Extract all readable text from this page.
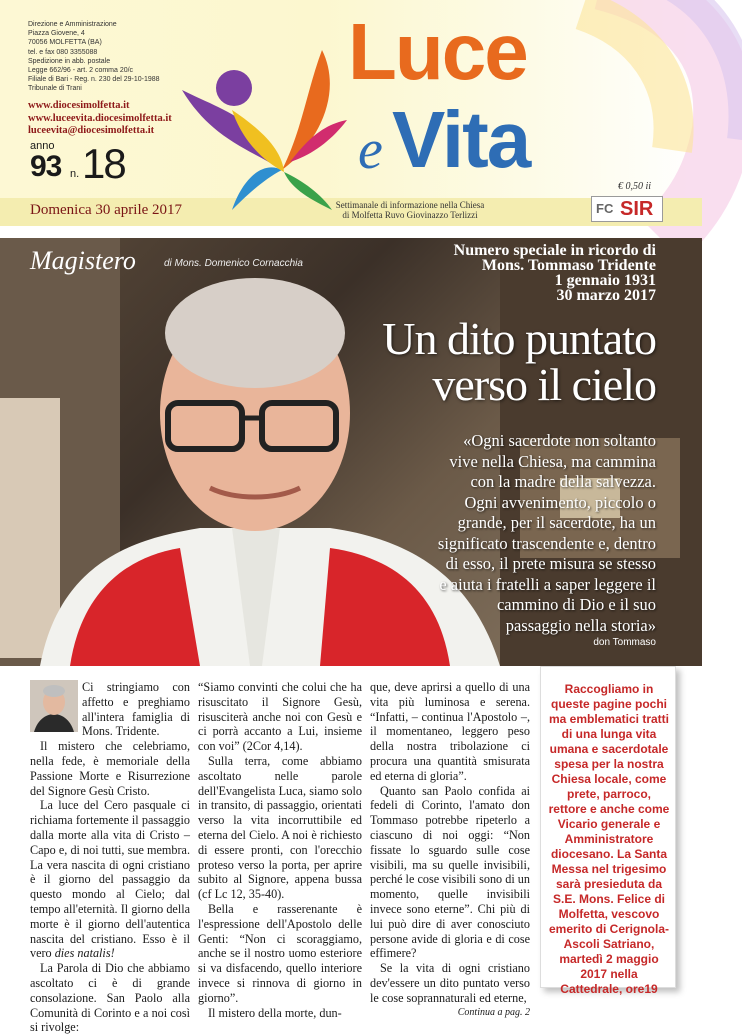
Direzione e Amministrazione
Piazza Giovene, 4
70056 MOLFETTA (BA)
tel. e fax 080 3355088
Spedizione in abb. postale
Legge 662/96 - art. 2 comma 20/c
Filiale di Bari - Reg. n. 230 del 29-10-1988
Tribunale di Trani
www.diocesimolfetta.it
www.luceevita.diocesimolfetta.it
luceevita@diocesimolfetta.it
anno
93 n. 18
Domenica 30 aprile 2017
Luce
e Vita
Settimanale di informazione nella Chiesa
di Molfetta Ruvo Giovinazzo Terlizzi
€ 0,50 ii
FC SIR
Magistero	di Mons. Domenico Cornacchia
Numero speciale in ricordo di
Mons. Tommaso Tridente
1 gennaio 1931
30 marzo 2017
Un dito puntato
verso il cielo
«Ogni sacerdote non soltanto vive nella Chiesa, ma cammina con la madre della salvezza. Ogni avvenimento, piccolo o grande, per il sacerdote, ha un significato trascendente e, dentro di esso, il prete misura se stesso e aiuta i fratelli a saper leggere il cammino di Dio e il suo passaggio nella storia»
don Tommaso

Ci stringiamo con affetto e preghiamo all'intera famiglia di Mons. Tridente.

Il mistero che celebriamo, nella fede, è memoriale della Passione Morte e Risurrezione del Signore Gesù Cristo.

La luce del Cero pasquale ci richiama fortemente il passaggio dalla morte alla vita di Cristo – Capo e, di noi tutti, sue membra. La vera nascita di ogni cristiano è il giorno del passaggio da questo mondo al Cielo; dal tempo all'eternità. Il giorno della morte è il giorno dell'autentica nascita del cristiano. Esso è il vero dies natalis!

La Parola di Dio che abbiamo ascoltato ci è di grande consolazione. San Paolo alla Comunità di Corinto e a noi così si rivolge:

“Siamo convinti che colui che ha risuscitato il Signore Gesù, risusciterà anche noi con Gesù e ci porrà accanto a Lui, insieme con voi” (2Cor 4,14).

Sulla terra, come abbiamo ascoltato nelle parole dell'Evangelista Luca, siamo solo in transito, di passaggio, orientati verso la vita incorruttibile ed eterna del Cielo. A noi è richiesto di essere pronti, con l'orecchio proteso verso la porta, per aprire subito al Signore, appena bussa (cf Lc 12, 35-40).

Bella e rasserenante è l'espressione dell'Apostolo delle Genti: “Non ci scoraggiamo, anche se il nostro uomo esteriore si va disfacendo, quello interiore invece si rinnova di giorno in giorno”.

Il mistero della morte, dun-

que, deve aprirsi a quello di una vita più luminosa e serena. “Infatti, – continua l'Apostolo –, il momentaneo, leggero peso della nostra tribolazione ci procura una quantità smisurata ed eterna di gloria”.

Quanto san Paolo confida ai fedeli di Corinto, l'amato don Tommaso potrebbe ripeterlo a ciascuno di noi oggi: “Non fissate lo sguardo sulle cose visibili, ma su quelle invisibili, perché le cose visibili sono di un momento, quelle invisibili invece sono eterne”. Chi più di lui può dire di aver conosciuto persone avide di gloria e di cose effimere?

Se la vita di ogni cristiano dev'essere un dito puntato verso le cose soprannaturali ed eterne,

Continua a pag. 2
Raccogliamo in queste pagine pochi ma emblematici tratti di una lunga vita umana e sacerdotale spesa per la nostra Chiesa locale, come prete, parroco, rettore e anche come Vicario generale e Amministratore diocesano. La Santa Messa nel trigesimo sarà presieduta da S.E. Mons. Felice di Molfetta, vescovo emerito di Cerignola-Ascoli Satriano, martedì 2 maggio 2017 nella Cattedrale, ore19
